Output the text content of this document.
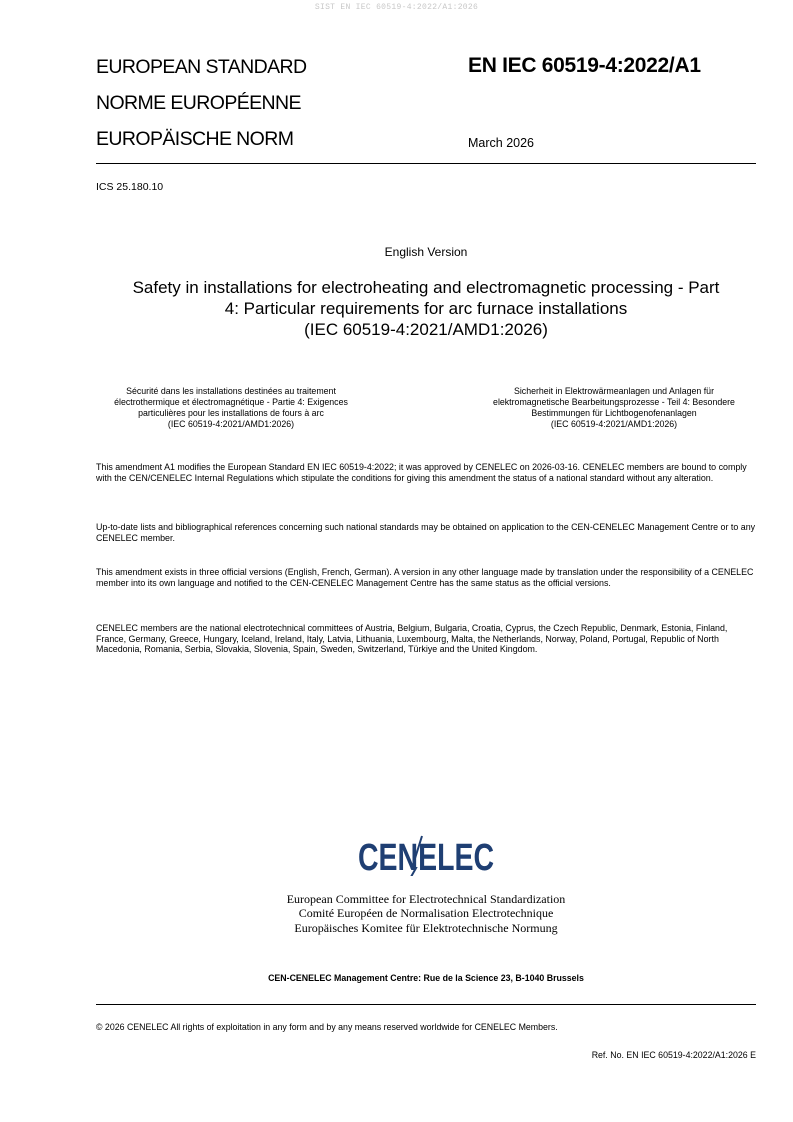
SIST EN IEC 60519-4:2022/A1:2026
EUROPEAN STANDARD
NORME EUROPÉENNE
EUROPÄISCHE NORM
EN IEC 60519-4:2022/A1
March 2026
ICS 25.180.10
English Version
Safety in installations for electroheating and electromagnetic processing - Part 4: Particular requirements for arc furnace installations
(IEC 60519-4:2021/AMD1:2026)
Sécurité dans les installations destinées au traitement électrothermique et électromagnétique - Partie 4: Exigences particulières pour les installations de fours à arc
(IEC 60519-4:2021/AMD1:2026)
Sicherheit in Elektrowärmeanlagen und Anlagen für elektromagnetische Bearbeitungsprozesse - Teil 4: Besondere Bestimmungen für Lichtbogenofenanlagen
(IEC 60519-4:2021/AMD1:2026)
This amendment A1 modifies the European Standard EN IEC 60519-4:2022; it was approved by CENELEC on 2026-03-16. CENELEC members are bound to comply with the CEN/CENELEC Internal Regulations which stipulate the conditions for giving this amendment the status of a national standard without any alteration.
Up-to-date lists and bibliographical references concerning such national standards may be obtained on application to the CEN-CENELEC Management Centre or to any CENELEC member.
This amendment exists in three official versions (English, French, German). A version in any other language made by translation under the responsibility of a CENELEC member into its own language and notified to the CEN-CENELEC Management Centre has the same status as the official versions.
CENELEC members are the national electrotechnical committees of Austria, Belgium, Bulgaria, Croatia, Cyprus, the Czech Republic, Denmark, Estonia, Finland, France, Germany, Greece, Hungary, Iceland, Ireland, Italy, Latvia, Lithuania, Luxembourg, Malta, the Netherlands, Norway, Poland, Portugal, Republic of North Macedonia, Romania, Serbia, Slovakia, Slovenia, Spain, Sweden, Switzerland, Türkiye and the United Kingdom.
CENELEC
European Committee for Electrotechnical Standardization
Comité Européen de Normalisation Electrotechnique
Europäisches Komitee für Elektrotechnische Normung
CEN-CENELEC Management Centre: Rue de la Science 23, B-1040 Brussels
© 2026 CENELEC All rights of exploitation in any form and by any means reserved worldwide for CENELEC Members.
Ref. No. EN IEC 60519-4:2022/A1:2026 E
